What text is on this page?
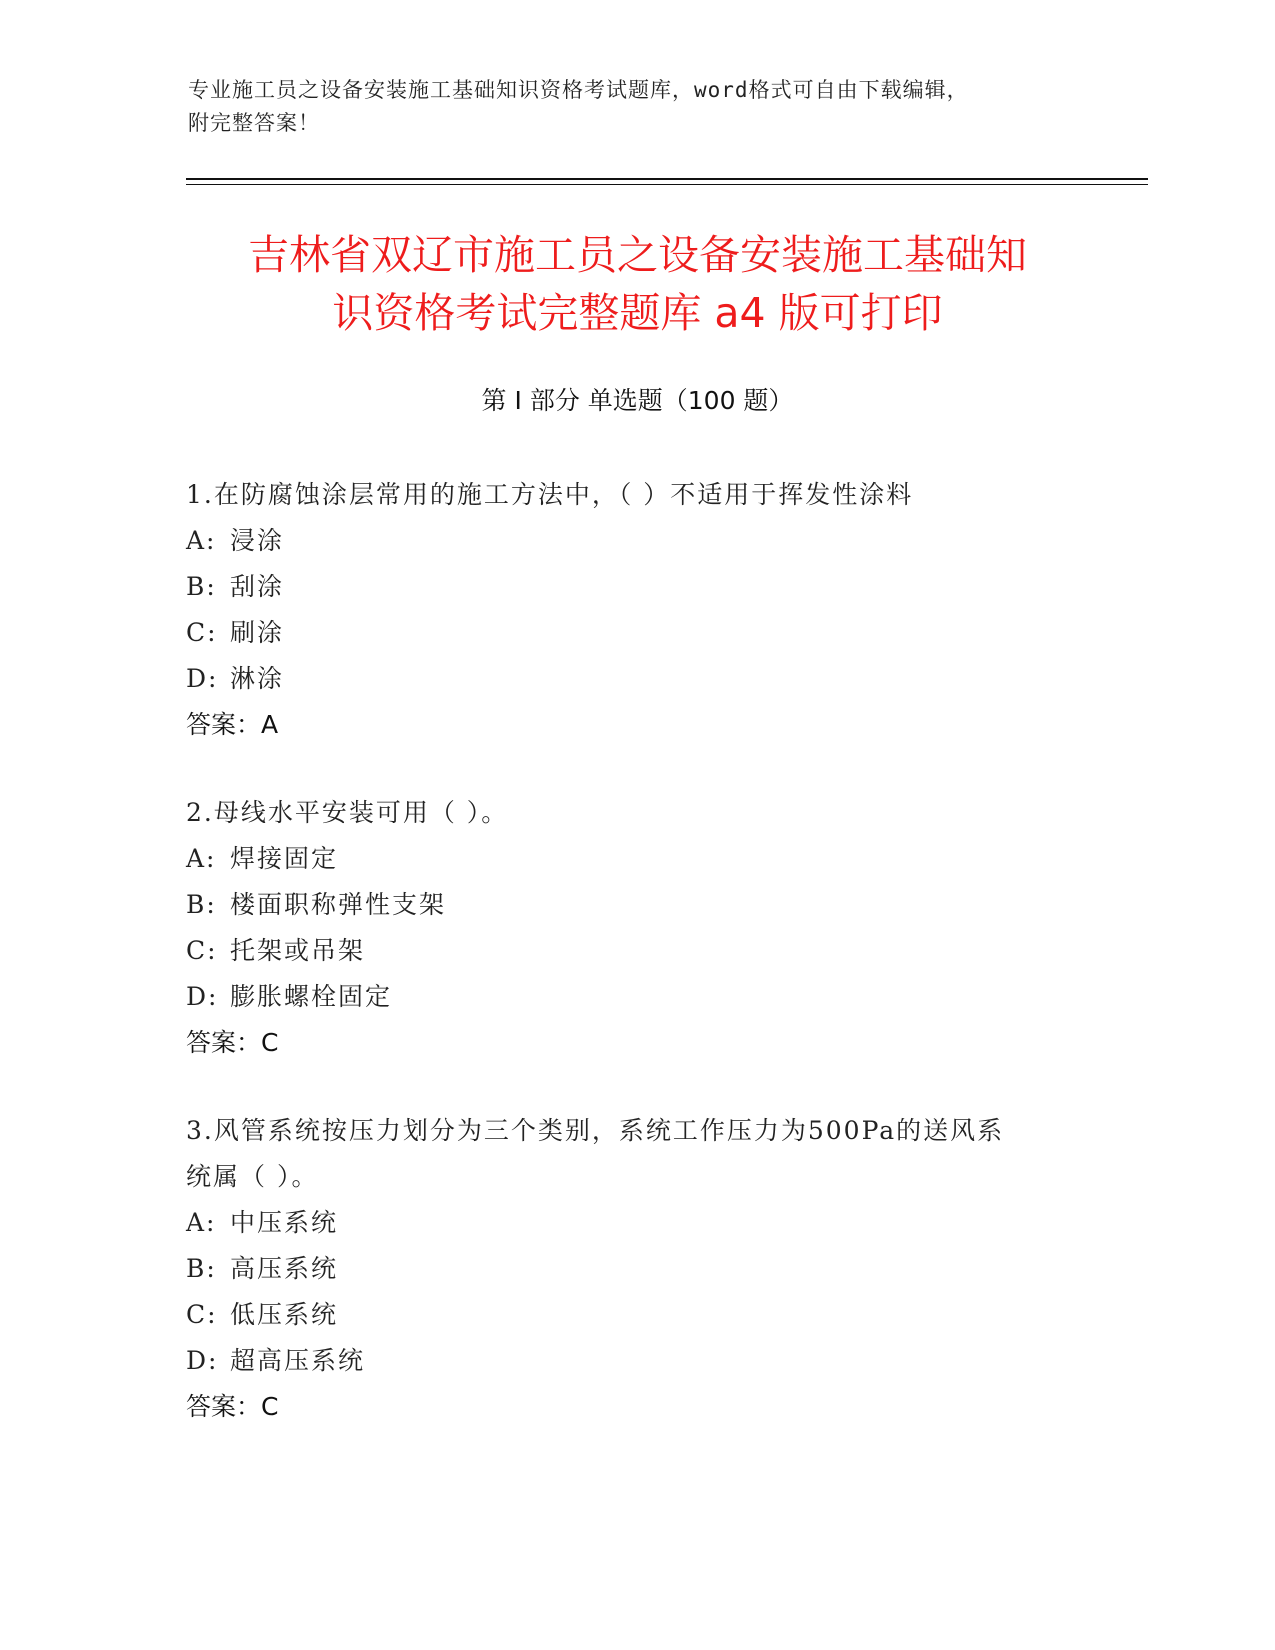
专业施工员之设备安装施工基础知识资格考试题库，word格式可自由下载编辑，
附完整答案！
吉林省双辽市施工员之设备安装施工基础知
识资格考试完整题库 a4 版可打印
第 I 部分 单选题（100 题）

1.在防腐蚀涂层常用的施工方法中，（ ）不适用于挥发性涂料

A: 浸涂

B: 刮涂

C: 刷涂

D: 淋涂

答案：A

2.母线水平安装可用（ ）。

A: 焊接固定

B: 楼面职称弹性支架

C: 托架或吊架

D: 膨胀螺栓固定

答案：C

3.风管系统按压力划分为三个类别，系统工作压力为500Pa的送风系

统属（ ）。

A: 中压系统

B: 高压系统

C: 低压系统

D: 超高压系统

答案：C
